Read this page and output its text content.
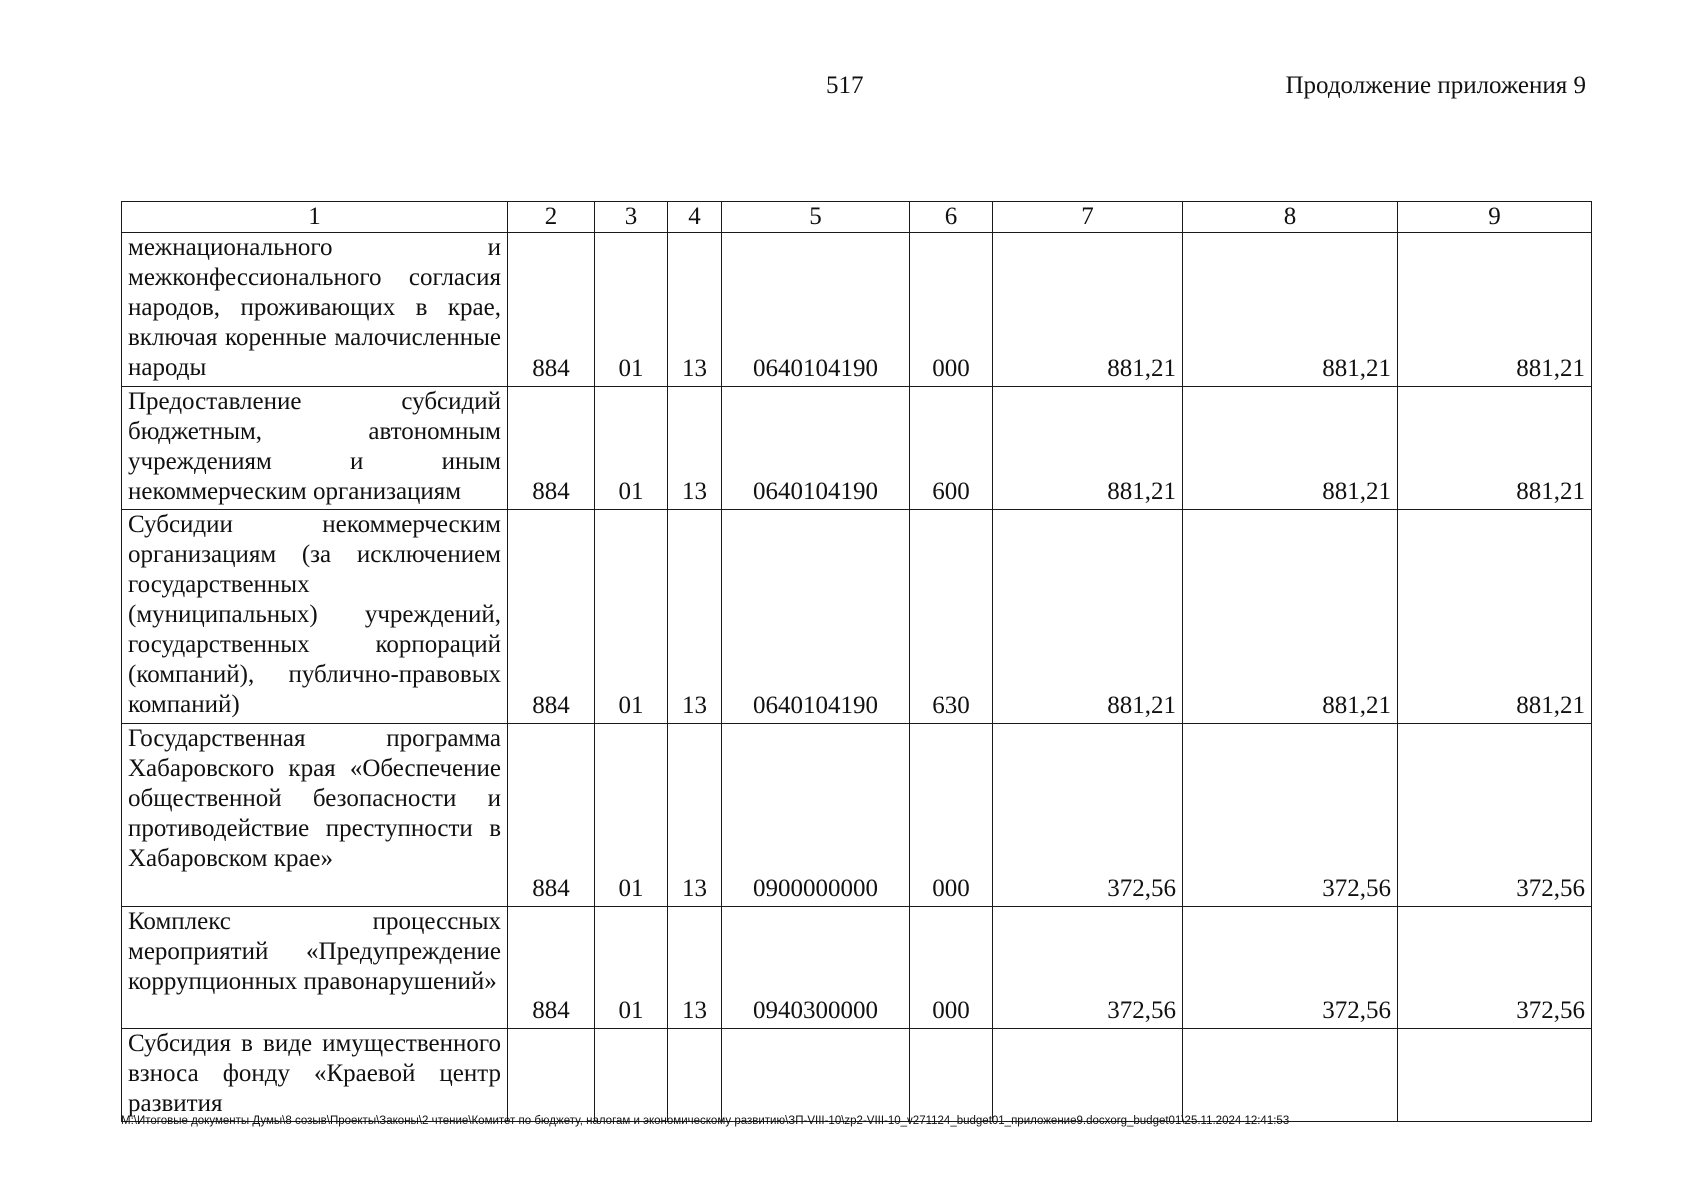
517	Продолжение приложения 9
1	2	3	4	5	6	7	8	9
межнационального и межконфессионального согласия народов, проживающих в крае, включая коренные малочисленные народы	884	01	13	0640104190	000	881,21	881,21	881,21
Предоставление субсидий бюджетным, автономным учреждениям и иным некоммерческим организациям	884	01	13	0640104190	600	881,21	881,21	881,21
Субсидии некоммерческим организациям (за исключением государственных (муниципальных) учреждений, государственных корпораций (компаний), публично-правовых компаний)	884	01	13	0640104190	630	881,21	881,21	881,21
Государственная программа Хабаровского края «Обеспечение общественной безопасности и противодействие преступности в Хабаровском крае»	884	01	13	0900000000	000	372,56	372,56	372,56
Комплекс процессных мероприятий «Предупреждение коррупционных правонарушений»	884	01	13	0940300000	000	372,56	372,56	372,56
Субсидия в виде имущественного взноса фонду «Краевой центр развития								
M:\Итоговые документы Думы\8 созыв\Проекты\Законы\2 чтение\Комитет по бюджету, налогам и экономическому развитию\ЗП-VIII-10\zp2-VIII-10_v271124_budget01_приложение9.docxorg_budget01\25.11.2024 12:41:53
